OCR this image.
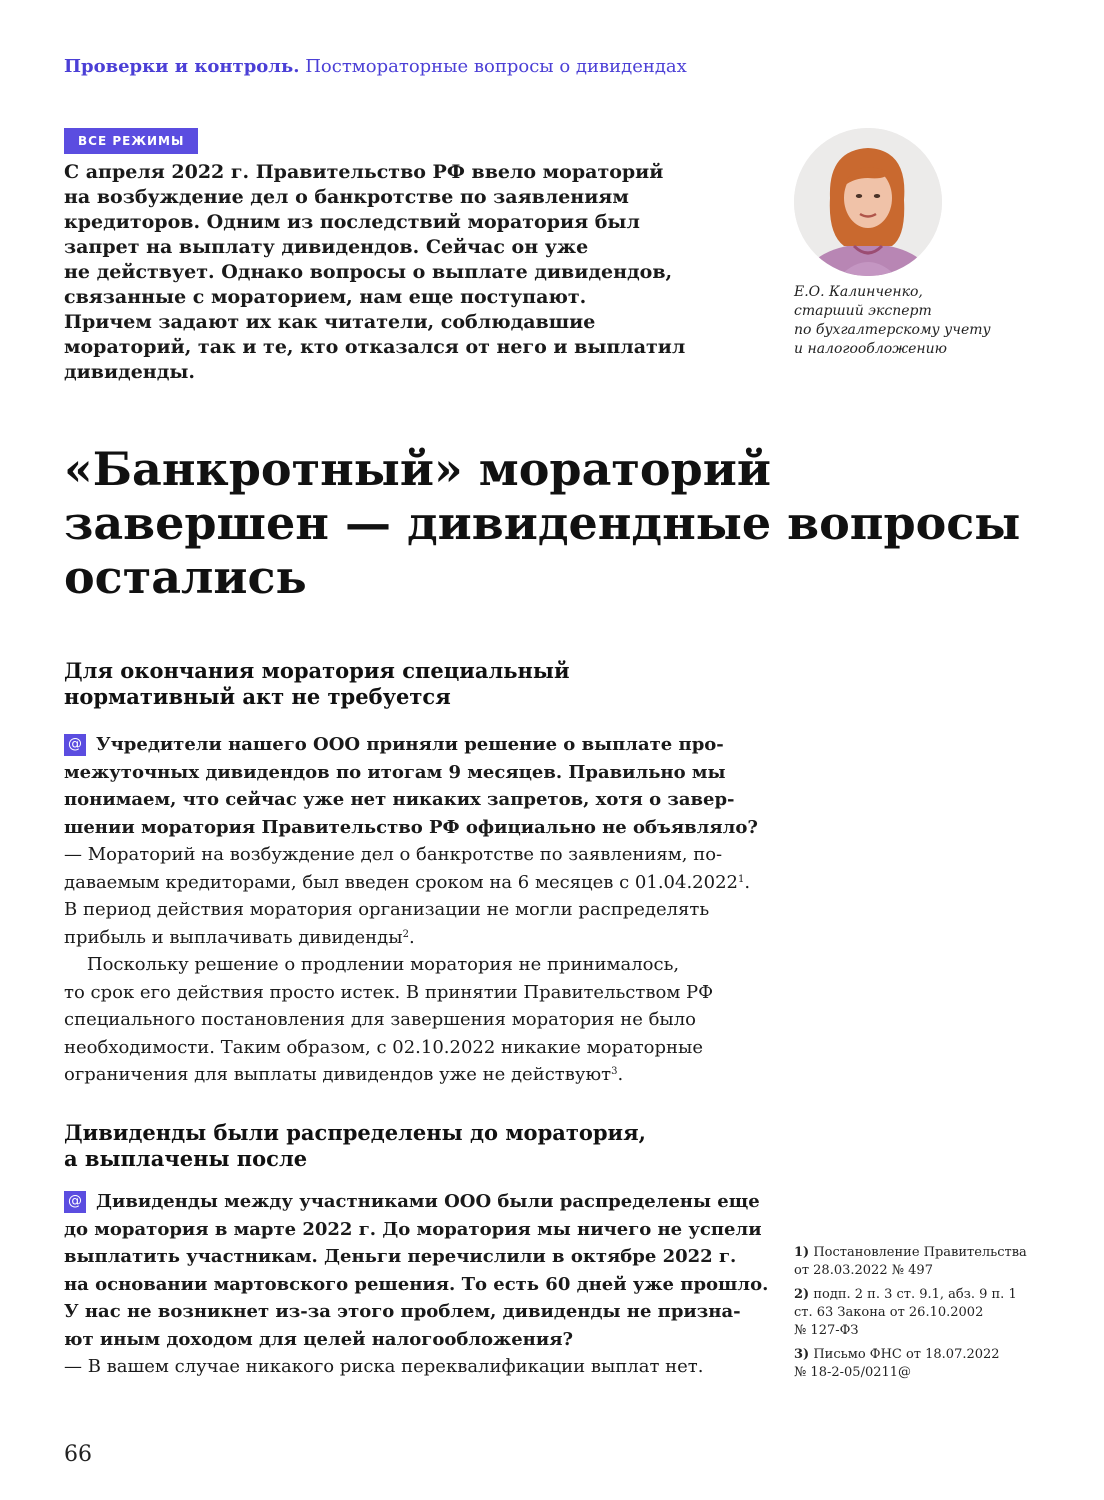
Проверки и контроль. Постмораторные вопросы о дивидендах
ВСЕ РЕЖИМЫ
С апреля 2022 г. Правительство РФ ввело мораторий
на возбуждение дел о банкротстве по заявлениям
кредиторов. Одним из последствий моратория был
запрет на выплату дивидендов. Сейчас он уже
не действует. Однако вопросы о выплате дивидендов,
связанные с мораторием, нам еще поступают.
Причем задают их как читатели, соблюдавшие
мораторий, так и те, кто отказался от него и выплатил
дивиденды.
Е.О. Калинченко,
старший эксперт
по бухгалтерскому учету
и налогообложению
«Банкротный» мораторий
завершен — дивидендные вопросы
остались
Для окончания моратория специальный
нормативный акт не требуется
@ Учредители нашего ООО приняли решение о выплате про-
межуточных дивидендов по итогам 9 месяцев. Правильно мы
понимаем, что сейчас уже нет никаких запретов, хотя о завер-
шении моратория Правительство РФ официально не объявляло?
— Мораторий на возбуждение дел о банкротстве по заявлениям, по-
даваемым кредиторами, был введен сроком на 6 месяцев с 01.04.2022$^1$.
В период действия моратория организации не могли распределять
прибыль и выплачивать дивиденды$^2$.
Поскольку решение о продлении моратория не принималось,
то срок его действия просто истек. В принятии Правительством РФ
специального постановления для завершения моратория не было
необходимости. Таким образом, с 02.10.2022 никакие мораторные
ограничения для выплаты дивидендов уже не действуют$^3$.
Дивиденды были распределены до моратория,
а выплачены после
@ Дивиденды между участниками ООО были распределены еще
до моратория в марте 2022 г. До моратория мы ничего не успели
выплатить участникам. Деньги перечислили в октябре 2022 г.
на основании мартовского решения. То есть 60 дней уже прошло.
У нас не возникнет из-за этого проблем, дивиденды не призна-
ют иным доходом для целей налогообложения?
— В вашем случае никакого риска переквалификации выплат нет.
1) Постановление Правительства
от 28.03.2022 № 497
2) подп. 2 п. 3 ст. 9.1, абз. 9 п. 1
ст. 63 Закона от 26.10.2002
№ 127-ФЗ
3) Письмо ФНС от 18.07.2022
№ 18-2-05/0211@
66
